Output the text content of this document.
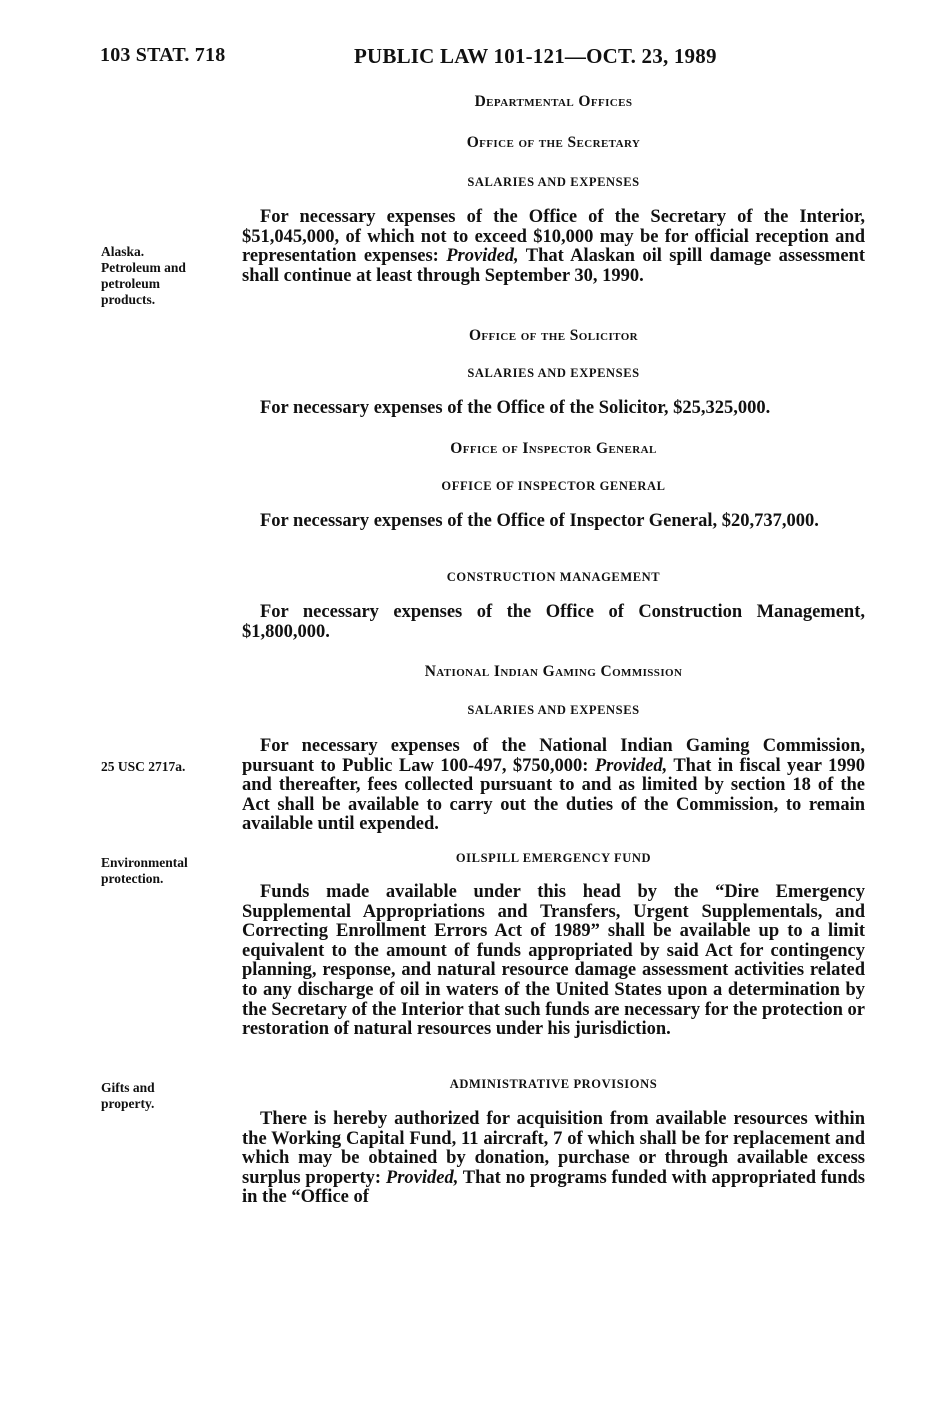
103 STAT. 718	PUBLIC LAW 101-121—OCT. 23, 1989
Alaska.
Petroleum and
petroleum
products.
25 USC 2717a.
Environmental
protection.
Gifts and
property.
Departmental Offices
Office of the Secretary
SALARIES AND EXPENSES

For necessary expenses of the Office of the Secretary of the Interior, $51,045,000, of which not to exceed $10,000 may be for official reception and representation expenses: Provided, That Alaskan oil spill damage assessment shall continue at least through September 30, 1990.

Office of the Solicitor
SALARIES AND EXPENSES

For necessary expenses of the Office of the Solicitor, $25,325,000.

Office of Inspector General
OFFICE OF INSPECTOR GENERAL

For necessary expenses of the Office of Inspector General, $20,737,000.

CONSTRUCTION MANAGEMENT

For necessary expenses of the Office of Construction Management, $1,800,000.

National Indian Gaming Commission
SALARIES AND EXPENSES

For necessary expenses of the National Indian Gaming Commission, pursuant to Public Law 100-497, $750,000: Provided, That in fiscal year 1990 and thereafter, fees collected pursuant to and as limited by section 18 of the Act shall be available to carry out the duties of the Commission, to remain available until expended.

OILSPILL EMERGENCY FUND

Funds made available under this head by the “Dire Emergency Supplemental Appropriations and Transfers, Urgent Supplementals, and Correcting Enrollment Errors Act of 1989” shall be available up to a limit equivalent to the amount of funds appropriated by said Act for contingency planning, response, and natural resource damage assessment activities related to any discharge of oil in waters of the United States upon a determination by the Secretary of the Interior that such funds are necessary for the protection or restoration of natural resources under his jurisdiction.

ADMINISTRATIVE PROVISIONS

There is hereby authorized for acquisition from available resources within the Working Capital Fund, 11 aircraft, 7 of which shall be for replacement and which may be obtained by donation, purchase or through available excess surplus property: Provided, That no programs funded with appropriated funds in the “Office of
